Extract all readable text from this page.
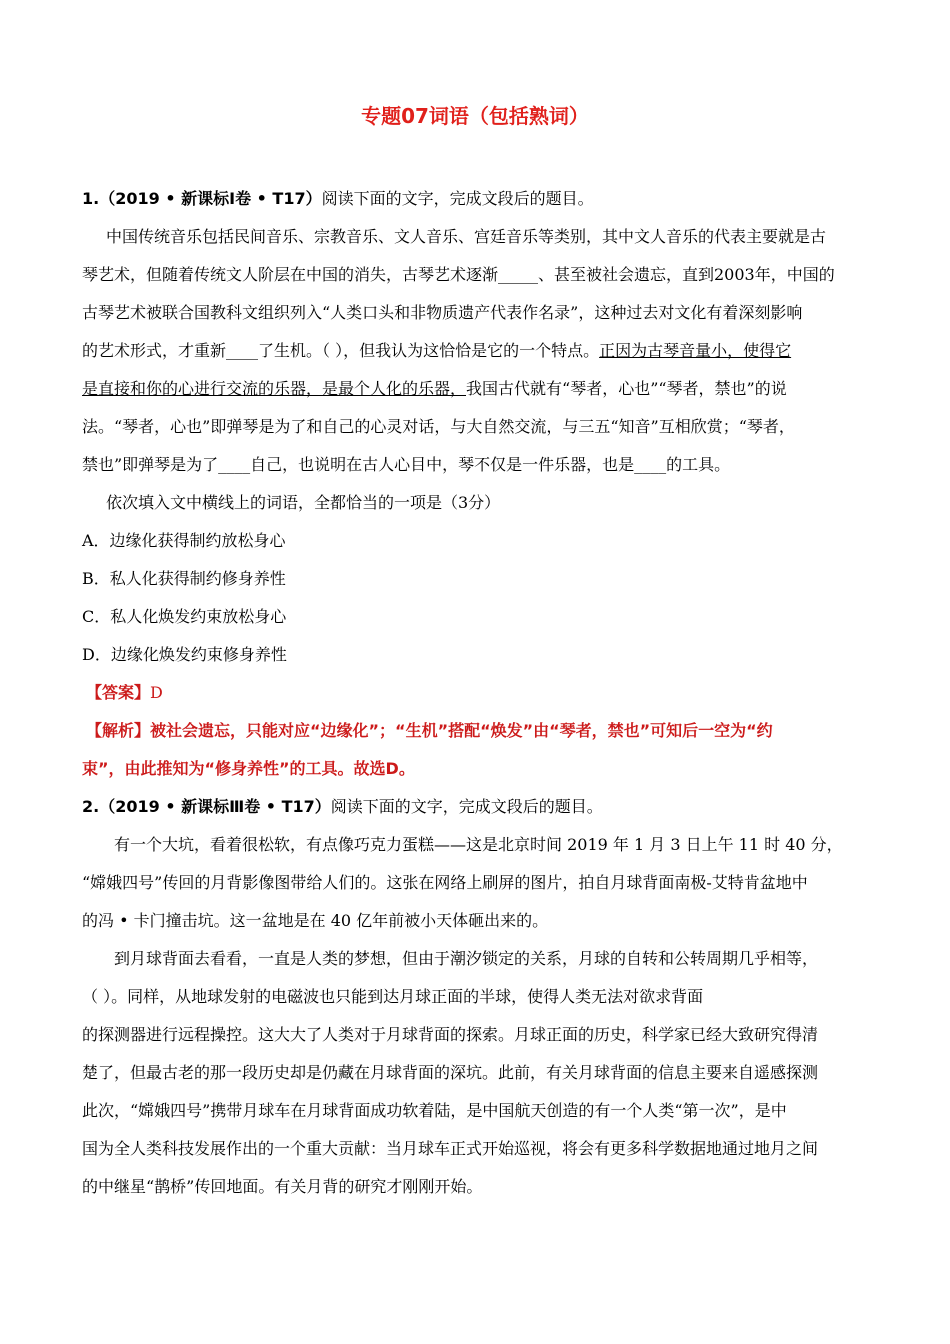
专题07词语（包括熟词）
1.（2019 • 新课标Ⅰ卷 • T17）阅读下面的文字，完成文段后的题目。
中国传统音乐包括民间音乐、宗教音乐、文人音乐、宫廷音乐等类别，其中文人音乐的代表主要就是古
琴艺术，但随着传统文人阶层在中国的消失，古琴艺术逐渐_____、甚至被社会遗忘，直到2003年，中国的
古琴艺术被联合国教科文组织列入“人类口头和非物质遗产代表作名录”，这种过去对文化有着深刻影响
的艺术形式，才重新____了生机。（ ），但我认为这恰恰是它的一个特点。正因为古琴音量小，使得它
是直接和你的心进行交流的乐器，是最个人化的乐器，我国古代就有“琴者，心也”“琴者，禁也”的说
法。“琴者，心也”即弹琴是为了和自己的心灵对话，与大自然交流，与三五“知音”互相欣赏；“琴者，
禁也”即弹琴是为了____自己，也说明在古人心目中，琴不仅是一件乐器，也是____的工具。
依次填入文中横线上的词语，全都恰当的一项是（3分）
A．边缘化获得制约放松身心
B．私人化获得制约修身养性
C．私人化焕发约束放松身心
D．边缘化焕发约束修身养性
【答案】D
【解析】被社会遗忘，只能对应“边缘化”；“生机”搭配“焕发”由“琴者，禁也”可知后一空为“约
束”，由此推知为“修身养性”的工具。故选D。
2.（2019 • 新课标Ⅲ卷 • T17）阅读下面的文字，完成文段后的题目。
有一个大坑，看着很松软，有点像巧克力蛋糕——这是北京时间 2019 年 1 月 3 日上午 11 时 40 分，
“嫦娥四号”传回的月背影像图带给人们的。这张在网络上刷屏的图片，拍自月球背面南极-艾特肯盆地中
的冯 • 卡门撞击坑。这一盆地是在 40 亿年前被小天体砸出来的。
到月球背面去看看，一直是人类的梦想，但由于潮汐锁定的关系，月球的自转和公转周期几乎相等，
（ ）。同样，从地球发射的电磁波也只能到达月球正面的半球，使得人类无法对欲求背面
的探测器进行远程操控。这大大了人类对于月球背面的探索。月球正面的历史，科学家已经大致研究得清
楚了，但最古老的那一段历史却是仍藏在月球背面的深坑。此前，有关月球背面的信息主要来自遥感探测
此次，“嫦娥四号”携带月球车在月球背面成功软着陆，是中国航天创造的有一个人类“第一次”，是中
国为全人类科技发展作出的一个重大贡献：当月球车正式开始巡视，将会有更多科学数据地通过地月之间
的中继星“鹊桥”传回地面。有关月背的研究才刚刚开始。
